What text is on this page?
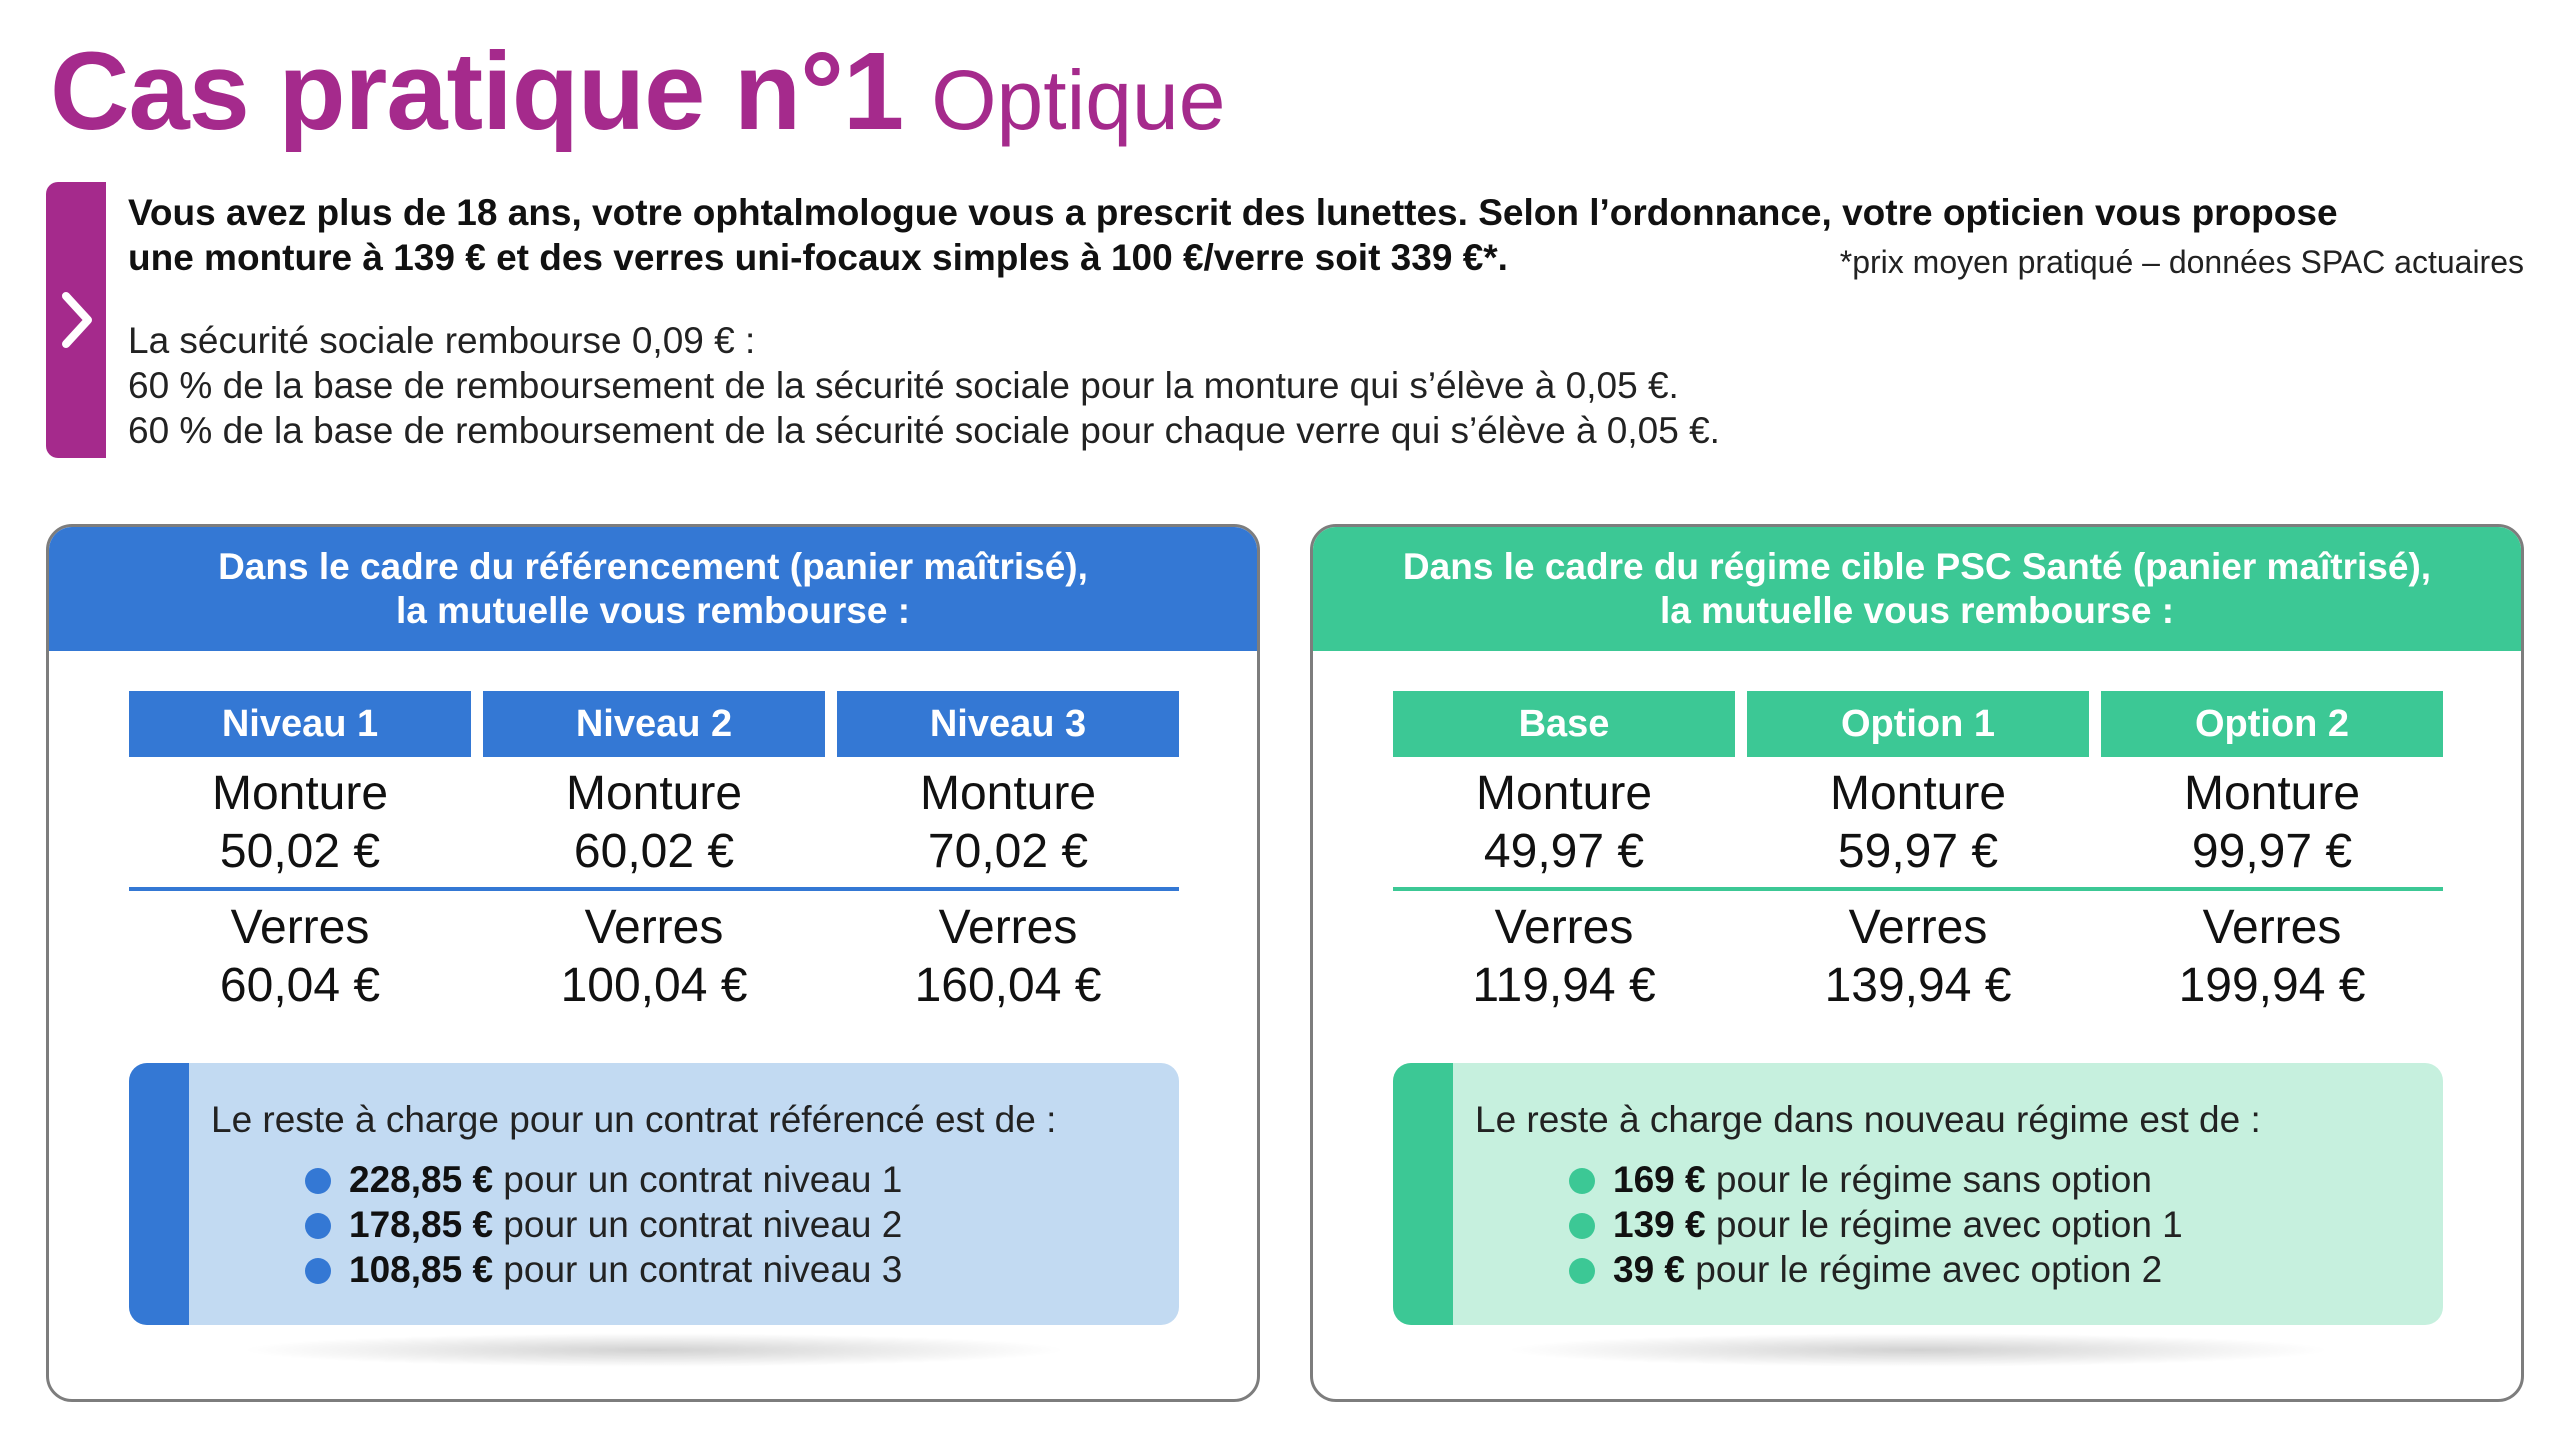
Cas pratique n°1 Optique
Vous avez plus de 18 ans, votre ophtalmologue vous a prescrit des lunettes. Selon l’ordonnance, votre opticien vous propose
une monture à 139 € et des verres uni-focaux simples à 100 €/verre soit 339 €*.	*prix moyen pratiqué – données SPAC actuaires
La sécurité sociale rembourse 0,09 € :
60 % de la base de remboursement de la sécurité sociale pour la monture qui s’élève à 0,05 €.
60 % de la base de remboursement de la sécurité sociale pour chaque verre qui s’élève à 0,05 €.
Dans le cadre du référencement (panier maîtrisé),
la mutuelle vous rembourse :
Niveau 1
Monture
50,02 €
Verres
60,04 €
Niveau 2
Monture
60,02 €
Verres
100,04 €
Niveau 3
Monture
70,02 €
Verres
160,04 €
Le reste à charge pour un contrat référencé est de :
228,85 € pour un contrat niveau 1
178,85 € pour un contrat niveau 2
108,85 € pour un contrat niveau 3
Dans le cadre du régime cible PSC Santé (panier maîtrisé),
la mutuelle vous rembourse :
Base
Monture
49,97 €
Verres
119,94 €
Option 1
Monture
59,97 €
Verres
139,94 €
Option 2
Monture
99,97 €
Verres
199,94 €
Le reste à charge dans nouveau régime est de :
169 € pour le régime sans option
139 € pour le régime avec option 1
39 € pour le régime avec option 2
